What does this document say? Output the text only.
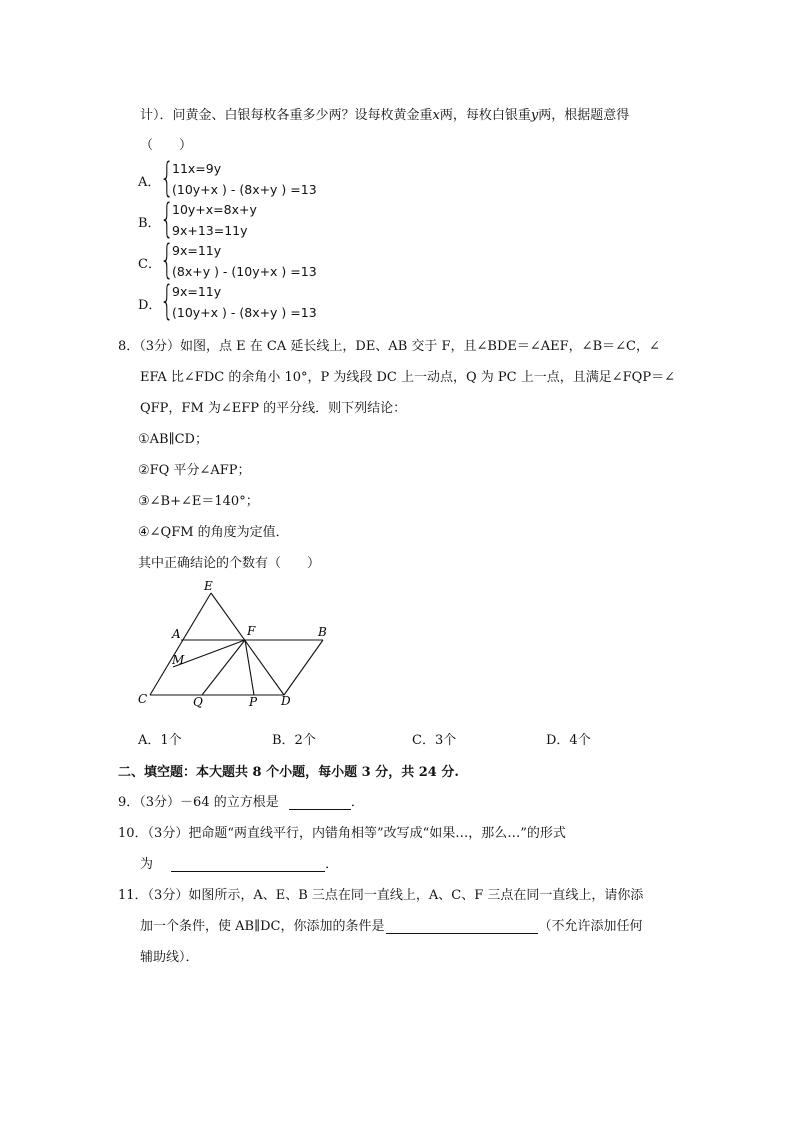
计）．问黄金、白银每枚各重多少两？设每枚黄金重x两，每枚白银重y两，根据题意得
（　　）
A． {
11x=9y
(10y+x ) - (8x+y ) =13
B． {
10y+x=8x+y
9x+13=11y
C． {
9x=11y
(8x+y ) - (10y+x ) =13
D．
{
9x=11y
(10y+x ) - (8x+y ) =13
8．（3分）如图，点 E 在 CA 延长线上，DE、AB 交于 F，且∠BDE＝∠AEF，∠B＝∠C，∠
EFA 比∠FDC 的余角小 10°，P 为线段 DC 上一动点，Q 为 PC 上一点，且满足∠FQP＝∠
QFP，FM 为∠EFP 的平分线．则下列结论：
①AB∥CD；
②FQ 平分∠AFP；
③∠B+∠E＝140°；
④∠QFM 的角度为定值．
其中正确结论的个数有（　　）
E
A	F	B
M
C	Q	P D
A．1个	B．2个	C．3个	D．4个
二、填空题：本大题共 8 个小题，每小题 3 分，共 24 分.
9．（3分）－64 的立方根是	．
10．（3分）把命题“两直线平行，内错角相等”改写成“如果…，那么…”的形式
为	．
11．（3分）如图所示，A、E、B 三点在同一直线上，A、C、F 三点在同一直线上，请你添
加一个条件，使 AB∥DC，你添加的条件是	（不允许添加任何
辅助线）．
